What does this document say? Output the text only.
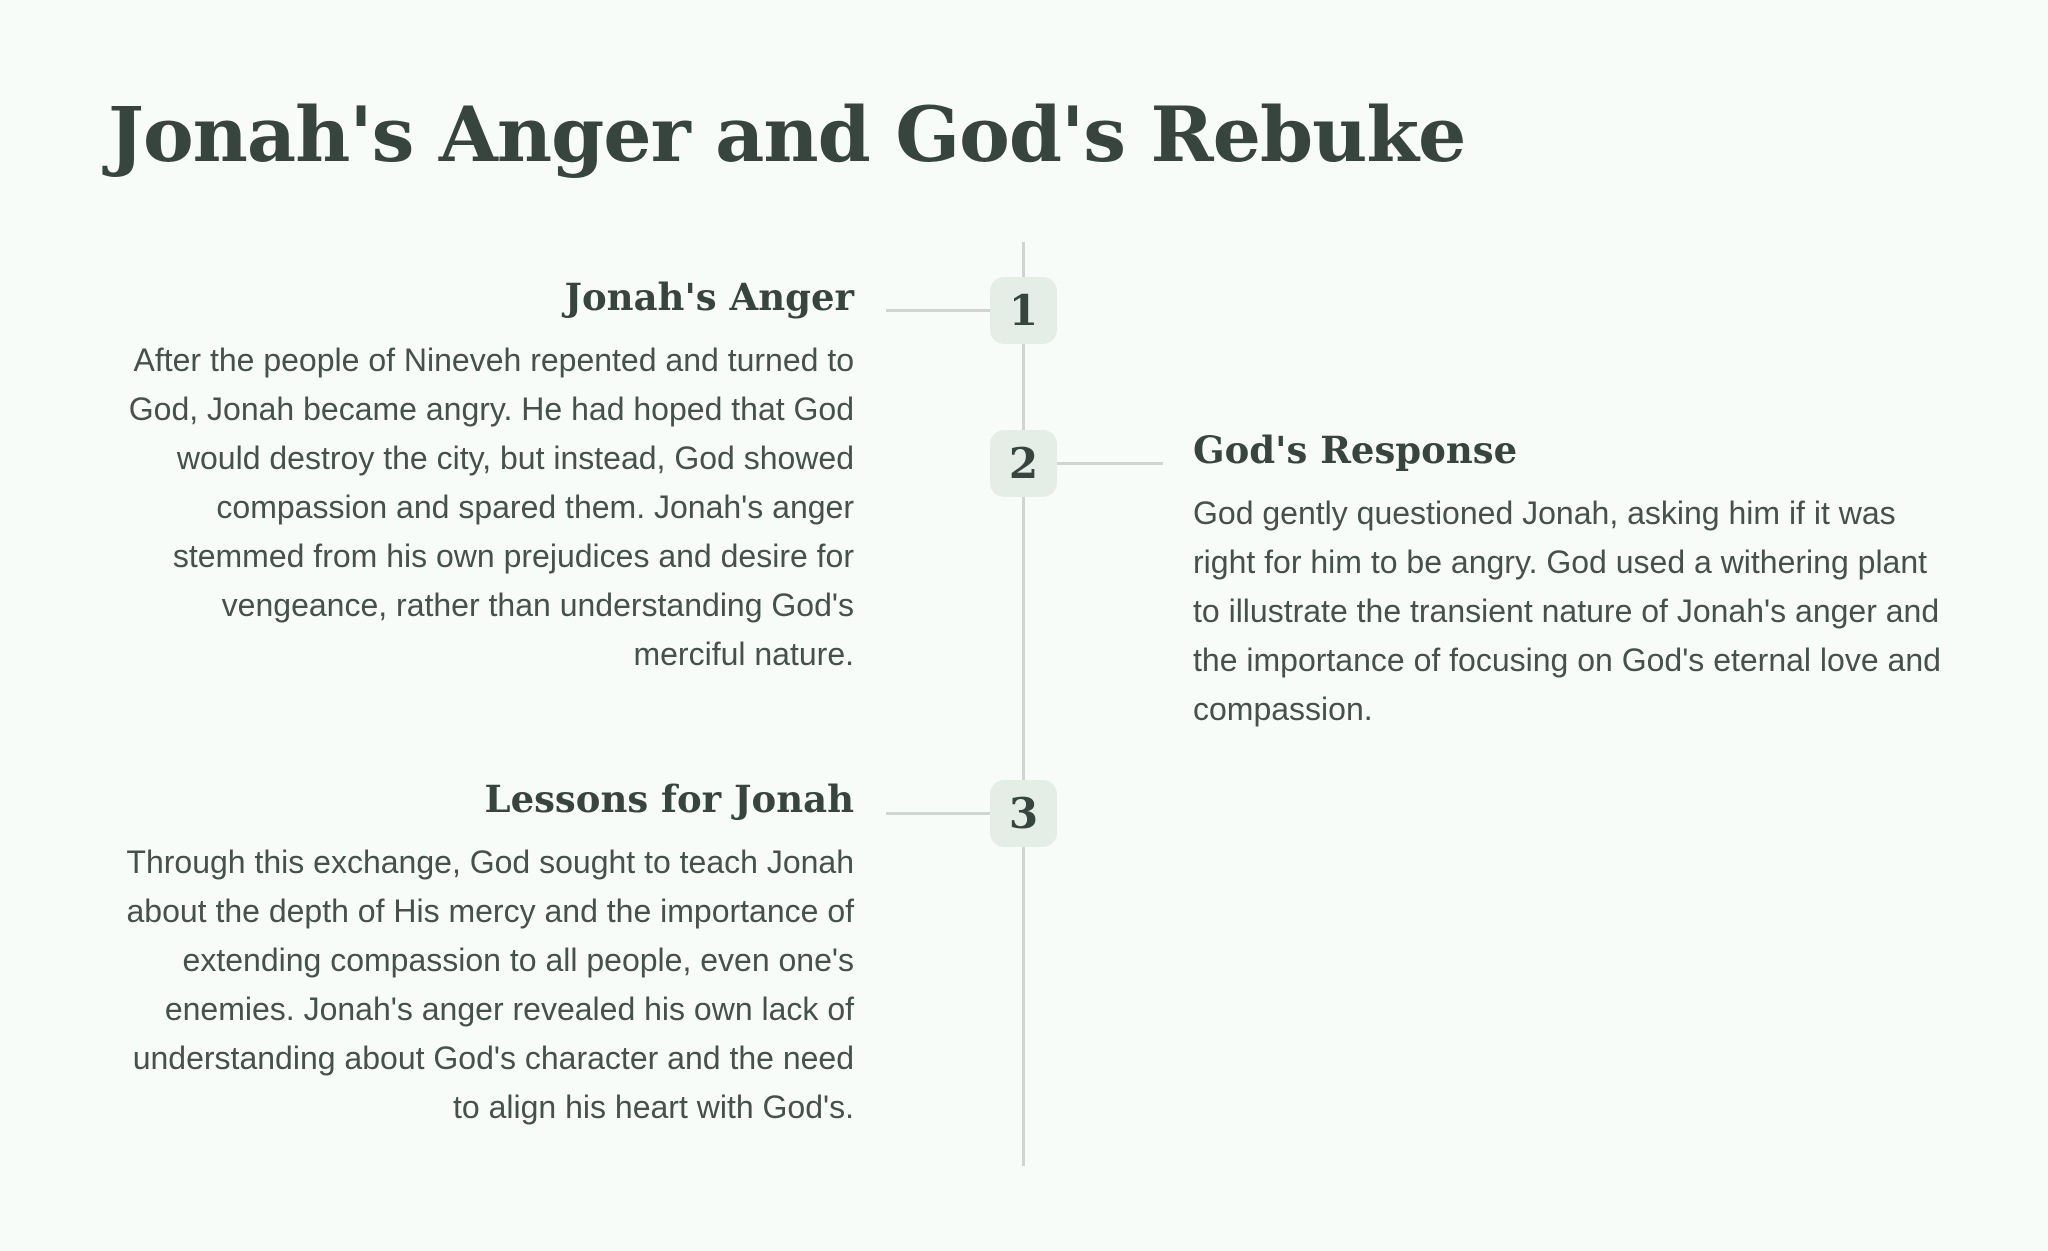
Jonah's Anger and God's Rebuke
1
Jonah's Anger

After the people of Nineveh repented and turned to God, Jonah became angry. He had hoped that God would destroy the city, but instead, God showed compassion and spared them. Jonah's anger stemmed from his own prejudices and desire for vengeance, rather than understanding God's merciful nature.

2	God's Response

God gently questioned Jonah, asking him if it was right for him to be angry. God used a withering plant to illustrate the transient nature of Jonah's anger and the importance of focusing on God's eternal love and compassion.

3
Lessons for Jonah

Through this exchange, God sought to teach Jonah about the depth of His mercy and the importance of extending compassion to all people, even one's enemies. Jonah's anger revealed his own lack of understanding about God's character and the need to align his heart with God's.
